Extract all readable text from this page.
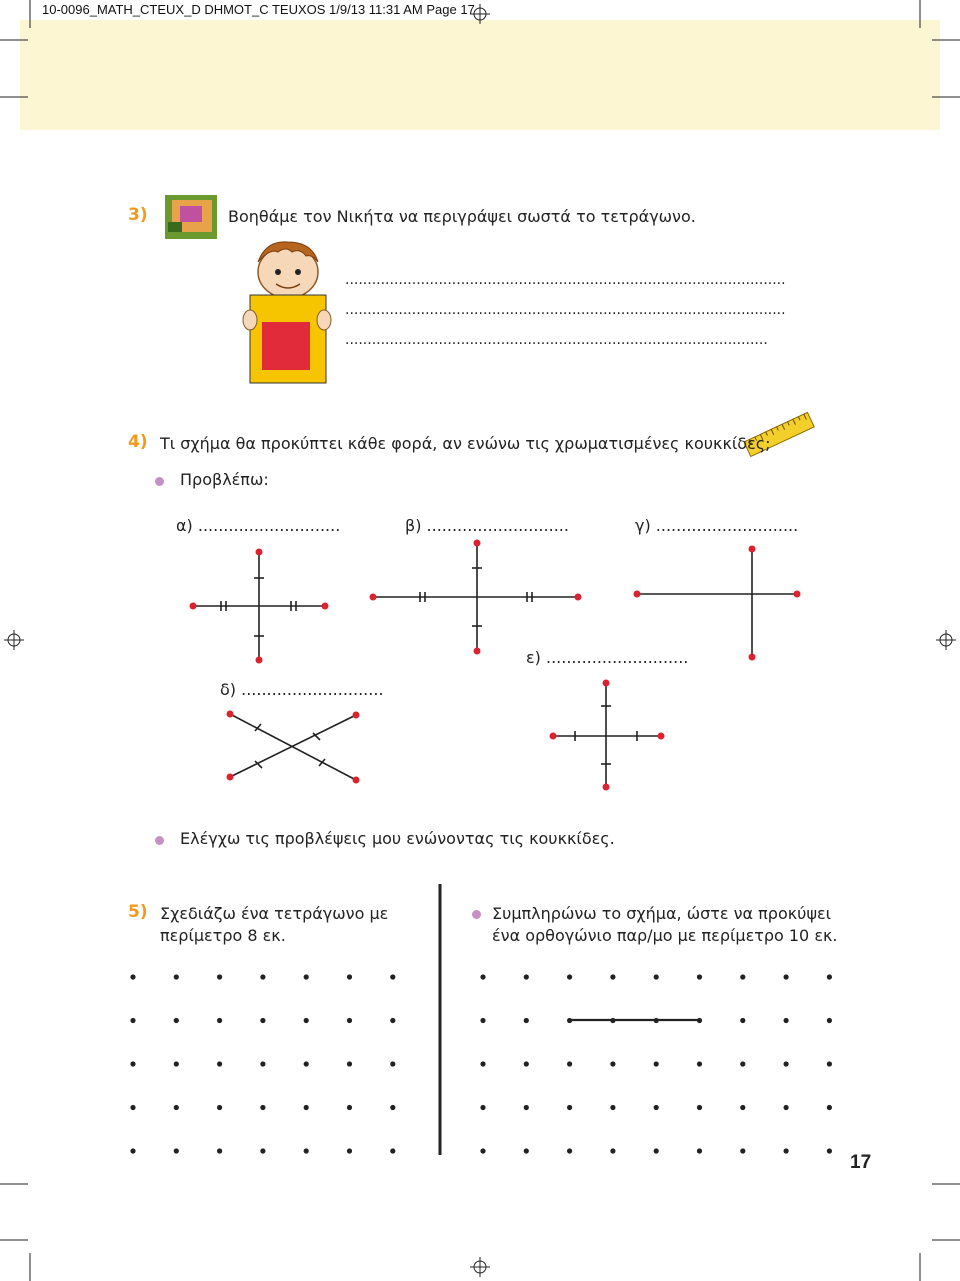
10-0096_MATH_CTEUX_D DHMOT_C TEUXOS 1/9/13 11:31 AM Page 17
3)	Βοηθάμε τον Νικήτα να περιγράψει σωστά το τετράγωνο.
...................................................................................................
...................................................................................................
...............................................................................................
4) Τι σχήμα θα προκύπτει κάθε φορά, αν ενώνω τις χρωματισμένες κουκκίδες;
Προβλέπω:
α) ............................	β) ............................	γ) ............................
δ) ............................
ε) ............................
Ελέγχω τις προβλέψεις μου ενώνοντας τις κουκκίδες.
5) Σχεδιάζω ένα τετράγωνο με
περίμετρο 8 εκ.
Συμπληρώνω το σχήμα, ώστε να προκύψει
ένα ορθογώνιο παρ/μο με περίμετρο 10 εκ.
17
